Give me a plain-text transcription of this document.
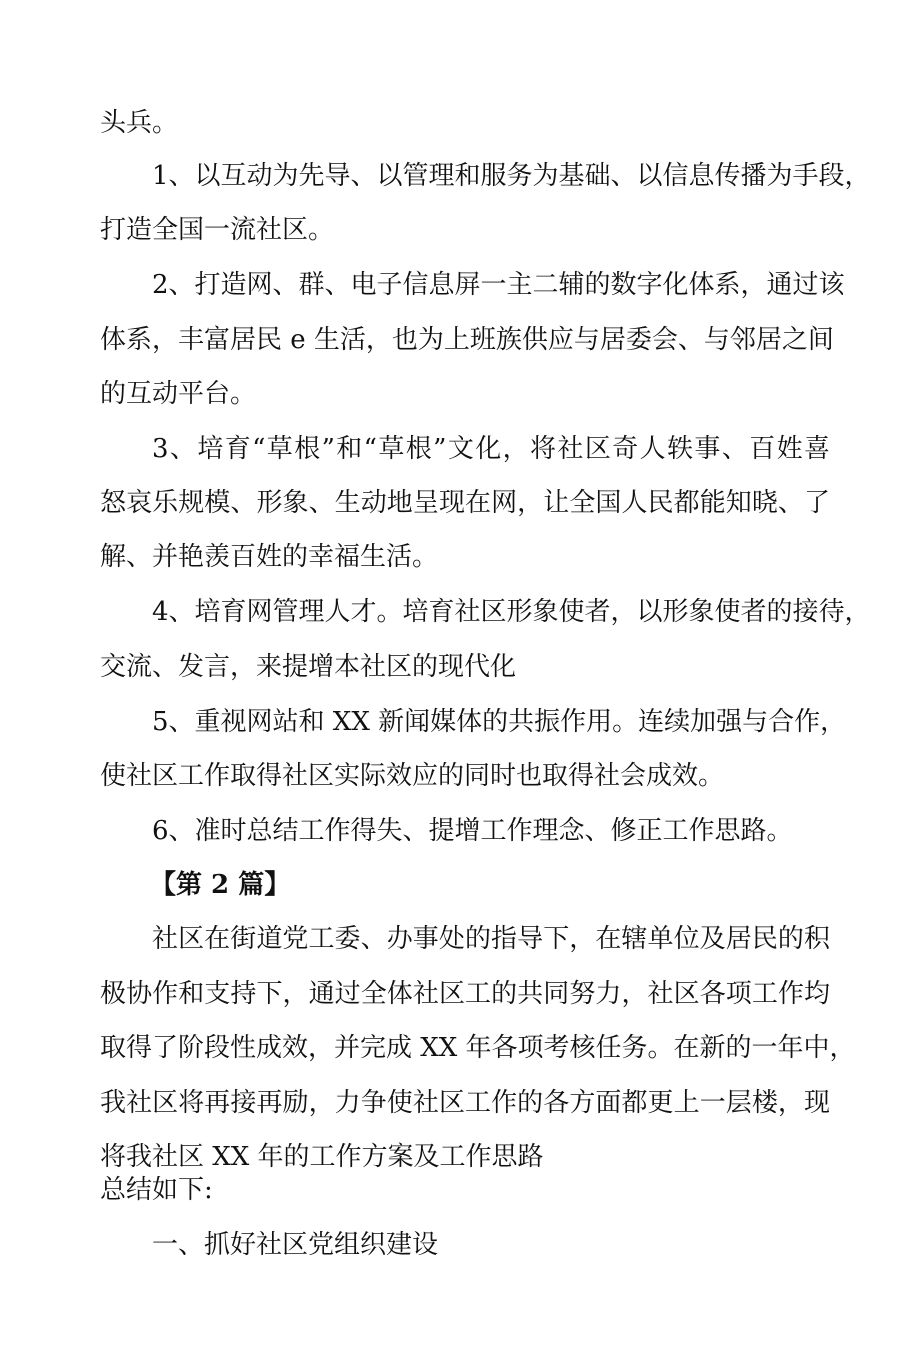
头兵。
1、以互动为先导、以管理和服务为基础、以信息传播为手段，
打造全国一流社区。
2、打造网、群、电子信息屏一主二辅的数字化体系，通过该
体系，丰富居民 e 生活，也为上班族供应与居委会、与邻居之间
的互动平台。
3、培育“草根”和“草根”文化，将社区奇人轶事、百姓喜
怒哀乐规模、形象、生动地呈现在网，让全国人民都能知晓、了
解、并艳羡百姓的幸福生活。
4、培育网管理人才。培育社区形象使者，以形象使者的接待，
交流、发言，来提增本社区的现代化
5、重视网站和 XX 新闻媒体的共振作用。连续加强与合作，
使社区工作取得社区实际效应的同时也取得社会成效。
6、准时总结工作得失、提增工作理念、修正工作思路。
【第 2 篇】
社区在街道党工委、办事处的指导下，在辖单位及居民的积
极协作和支持下，通过全体社区工的共同努力，社区各项工作均
取得了阶段性成效，并完成 XX 年各项考核任务。在新的一年中，
我社区将再接再励，力争使社区工作的各方面都更上一层楼，现
将我社区 XX 年的工作方案及工作思路
总结如下:
一、抓好社区党组织建设
